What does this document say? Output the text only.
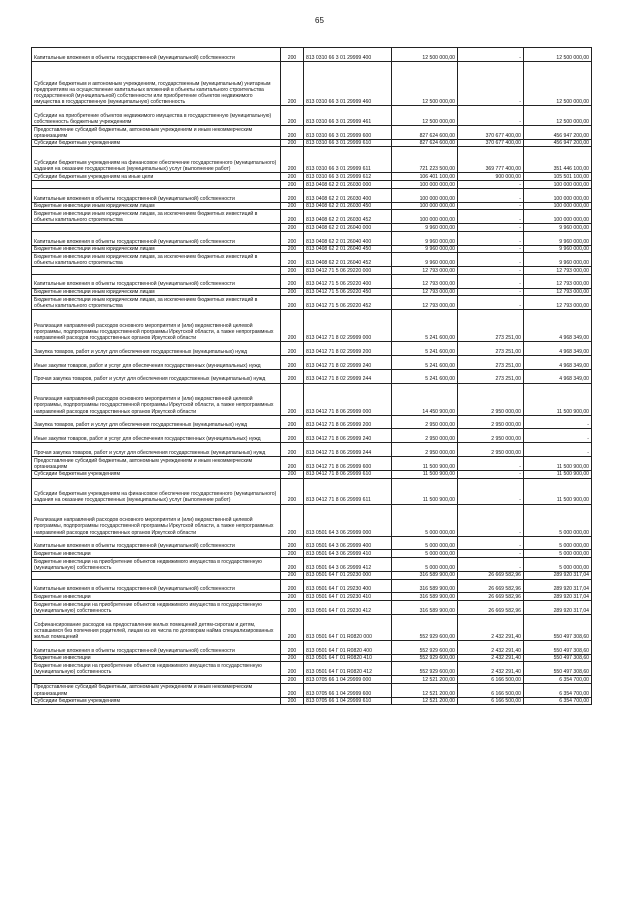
65
Капитальные вложения в объекты государственной (муниципальной) собственности	200	813 0310 66 3 01 29999 400	12 500 000,00	-	12 500 000,00
Субсидии бюджетным и автономным учреждениям, государственным (муниципальным) унитарным предприятиям на осуществление капитальных вложений в объекты капитального строительства государственной (муниципальной) собственности или приобретение объектов недвижимого имущества в государственную (муниципальную) собственность	200	813 0310 66 3 01 29999 460	12 500 000,00	-	12 500 000,00
Субсидии на приобретение объектов недвижимого имущества в государственную (муниципальную) собственность бюджетным учреждениям	200	813 0310 66 3 01 29999 461	12 500 000,00	-	12 500 000,00
Предоставление субсидий бюджетным, автономным учреждениям и иным некоммерческим организациям	200	813 0310 66 3 01 29999 600	827 624 600,00	370 677 400,00	456 947 200,00
Субсидии бюджетным учреждениям	200	813 0310 66 3 01 29999 610	827 624 600,00	370 677 400,00	456 947 200,00
Субсидии бюджетным учреждениям на финансовое обеспечение государственного (муниципального) задания на оказание государственных (муниципальных) услуг (выполнение работ)	200	813 0310 66 3 01 29999 611	721 223 500,00	369 777 400,00	351 446 100,00
Субсидии бюджетным учреждениям на иные цели	200	813 0310 66 3 01 29999 612	106 401 100,00	900 000,00	105 501 100,00
	200	813 0408 62 2 01 26030 000	100 000 000,00	-	100 000 000,00
Капитальные вложения в объекты государственной (муниципальной) собственности	200	813 0408 62 2 01 26030 400	100 000 000,00	-	100 000 000,00
Бюджетные инвестиции иным юридическим лицам	200	813 0408 62 2 01 26030 450	100 000 000,00	-	100 000 000,00
Бюджетные инвестиции иным юридическим лицам, за исключением бюджетных инвестиций в объекты капитального строительства	200	813 0408 62 2 01 26030 452	100 000 000,00	-	100 000 000,00
	200	813 0408 62 2 01 26040 000	9 960 000,00	-	9 960 000,00
Капитальные вложения в объекты государственной (муниципальной) собственности	200	813 0408 62 2 01 26040 400	9 960 000,00	-	9 960 000,00
Бюджетные инвестиции иным юридическим лицам	200	813 0408 62 2 01 26040 450	9 960 000,00	-	9 960 000,00
Бюджетные инвестиции иным юридическим лицам, за исключением бюджетных инвестиций в объекты капитального строительства	200	813 0408 62 2 01 26040 452	9 960 000,00	-	9 960 000,00
	200	813 0412 71 5 06 29220 000	12 793 000,00	-	12 793 000,00
Капитальные вложения в объекты государственной (муниципальной) собственности	200	813 0412 71 5 06 29220 400	12 793 000,00	-	12 793 000,00
Бюджетные инвестиции иным юридическим лицам	200	813 0412 71 5 06 29220 450	12 793 000,00	-	12 793 000,00
Бюджетные инвестиции иным юридическим лицам, за исключением бюджетных инвестиций в объекты капитального строительства	200	813 0412 71 5 06 29220 452	12 793 000,00	-	12 793 000,00
Реализация направлений расходов основного мероприятия и (или) ведомственной целевой программы, подпрограммы государственной программы Иркутской области, а также непрограммных направлений расходов государственных органов Иркутской области	200	813 0412 71 8 02 29999 000	5 241 600,00	273 251,00	4 968 349,00
Закупка товаров, работ и услуг для обеспечения государственных (муниципальных) нужд	200	813 0412 71 8 02 29999 200	5 241 600,00	273 251,00	4 968 349,00
Иные закупки товаров, работ и услуг для обеспечения государственных (муниципальных) нужд	200	813 0412 71 8 02 29999 240	5 241 600,00	273 251,00	4 968 349,00
Прочая закупка товаров, работ и услуг для обеспечения государственных (муниципальных) нужд	200	813 0412 71 8 02 29999 244	5 241 600,00	273 251,00	4 968 349,00
Реализация направлений расходов основного мероприятия и (или) ведомственной целевой программы, подпрограммы государственной программы Иркутской области, а также непрограммных направлений расходов государственных органов Иркутской области	200	813 0412 71 8 06 29999 000	14 450 900,00	2 950 000,00	11 500 900,00
Закупка товаров, работ и услуг для обеспечения государственных (муниципальных) нужд	200	813 0412 71 8 06 29999 200	2 950 000,00	2 950 000,00	-
Иные закупки товаров, работ и услуг для обеспечения государственных (муниципальных) нужд	200	813 0412 71 8 06 29999 240	2 950 000,00	2 950 000,00	-
Прочая закупка товаров, работ и услуг для обеспечения государственных (муниципальных) нужд	200	813 0412 71 8 06 29999 244	2 950 000,00	2 950 000,00	-
Предоставление субсидий бюджетным, автономным учреждениям и иным некоммерческим организациям	200	813 0412 71 8 06 29999 600	11 500 900,00	-	11 500 900,00
Субсидии бюджетным учреждениям	200	813 0412 71 8 06 29999 610	11 500 900,00	-	11 500 900,00
Субсидии бюджетным учреждениям на финансовое обеспечение государственного (муниципального) задания на оказание государственных (муниципальных) услуг (выполнение работ)	200	813 0412 71 8 06 29999 611	11 500 900,00	-	11 500 900,00
Реализация направлений расходов основного мероприятия и (или) ведомственной целевой программы, подпрограммы государственной программы Иркутской области, а также непрограммных направлений расходов государственных органов Иркутской области	200	813 0501 64 3 06 29999 000	5 000 000,00	-	5 000 000,00
Капитальные вложения в объекты государственной (муниципальной) собственности	200	813 0501 64 3 06 29999 400	5 000 000,00	-	5 000 000,00
Бюджетные инвестиции	200	813 0501 64 3 06 29999 410	5 000 000,00	-	5 000 000,00
Бюджетные инвестиции на приобретение объектов недвижимого имущества в государственную (муниципальную) собственность	200	813 0501 64 3 06 29999 412	5 000 000,00	-	5 000 000,00
	200	813 0501 64 Г 01 29230 000	316 589 900,00	26 669 582,96	289 920 317,04
Капитальные вложения в объекты государственной (муниципальной) собственности	200	813 0501 64 Г 01 29230 400	316 589 900,00	26 669 582,96	289 920 317,04
Бюджетные инвестиции	200	813 0501 64 Г 01 29230 410	316 589 900,00	26 669 582,96	289 920 317,04
Бюджетные инвестиции на приобретение объектов недвижимого имущества в государственную (муниципальную) собственность	200	813 0501 64 Г 01 29230 412	316 589 900,00	26 669 582,96	289 920 317,04
Софинансирование расходов на предоставление жилых помещений детям-сиротам и детям, оставшимся без попечения родителей, лицам из их числа по договорам найма специализированных жилых помещений	200	813 0501 64 Г 01 R0820 000	552 929 600,00	2 432 291,40	550 497 308,60
Капитальные вложения в объекты государственной (муниципальной) собственности	200	813 0501 64 Г 01 R0820 400	552 929 600,00	2 432 291,40	550 497 308,60
Бюджетные инвестиции	200	813 0501 64 Г 01 R0820 410	552 929 600,00	2 432 291,40	550 497 308,60
Бюджетные инвестиции на приобретение объектов недвижимого имущества в государственную (муниципальную) собственность	200	813 0501 64 Г 01 R0820 412	552 929 600,00	2 432 291,40	550 497 308,60
	200	813 0705 66 1 04 29999 000	12 521 200,00	6 166 500,00	6 354 700,00
Предоставление субсидий бюджетным, автономным учреждениям и иным некоммерческим организациям	200	813 0705 66 1 04 29999 600	12 521 200,00	6 166 500,00	6 354 700,00
Субсидии бюджетным учреждениям	200	813 0705 66 1 04 29999 610	12 521 200,00	6 166 500,00	6 354 700,00
